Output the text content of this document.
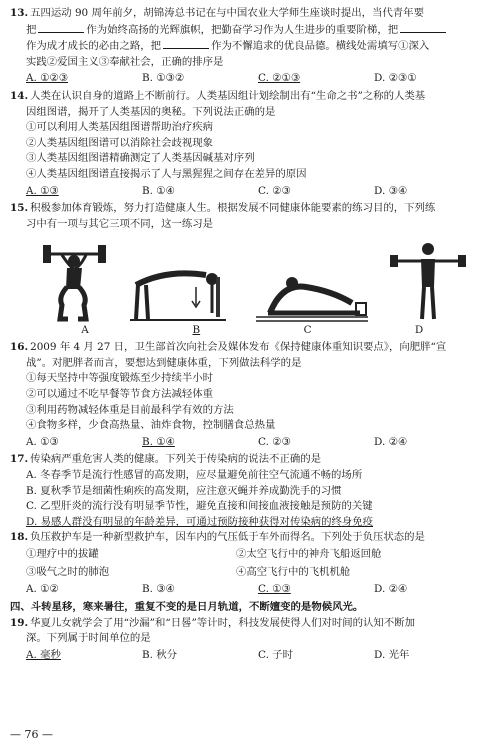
13. 五四运动 90 周年前夕，胡锦涛总书记在与中国农业大学师生座谈时提出，当代青年要
把	作为始终高扬的光辉旗帜，把勤奋学习作为人生进步的重要阶梯，把
作为成才成长的必由之路，把	作为不懈追求的优良品德。横线处需填写①深入
实践②爱国主义③奉献社会，正确的排序是
A. ①②③	B. ①③②	C. ②①③	D. ②③①
14. 人类在认识自身的道路上不断前行。人类基因组计划绘制出有“生命之书”之称的人类基
因组图谱，揭开了人类基因的奥秘。下列说法正确的是
①可以利用人类基因组图谱帮助治疗疾病
②人类基因组图谱可以消除社会歧视现象
③人类基因组图谱精确测定了人类基因碱基对序列
④人类基因组图谱直接揭示了人与黑猩猩之间存在差异的原因
A. ①③	B. ①④	C. ②③	D. ③④
15. 积极参加体育锻炼，努力打造健康人生。根据发展不同健康体能要素的练习目的，下列练
习中有一项与其它三项不同，这一练习是
A	B	C	D
16. 2009 年 4 月 27 日，卫生部首次向社会及媒体发布《保持健康体重知识要点》，向肥胖“宣
战”。对肥胖者而言，要想达到健康体重，下列做法科学的是
①每天坚持中等强度锻炼至少持续半小时
②可以通过不吃早餐等节食方法减轻体重
③利用药物减轻体重是目前最科学有效的方法
④食物多样，少食高热量、油炸食物，控制膳食总热量
A. ①③	B. ①④	C. ②③	D. ②④
17. 传染病严重危害人类的健康。下列关于传染病的说法不正确的是
A. 冬春季节是流行性感冒的高发期，应尽量避免前往空气流通不畅的场所
B. 夏秋季节是细菌性痢疾的高发期，应注意灭蝇并养成勤洗手的习惯
C. 乙型肝炎的流行没有明显季节性，避免直接和间接血液接触是预防的关键
D. 易感人群没有明显的年龄差异，可通过预防接种获得对传染病的终身免疫
18. 负压救护车是一种新型救护车，因车内的气压低于车外而得名。下列处于负压状态的是
①理疗中的拔罐	②太空飞行中的神舟飞船返回舱
③吸气之时的肺泡	④高空飞行中的飞机机舱
A. ①②	B. ③④	C. ①③	D. ②④
四、斗转星移，寒来暑往，重复不变的是日月轨道，不断嬗变的是物候风光。
19. 华夏儿女就学会了用“沙漏”和“日晷”等计时，科技发展使得人们对时间的认知不断加
深。下列属于时间单位的是
A. 毫秒	B. 秋分	C. 子时	D. 光年
— 76 —
